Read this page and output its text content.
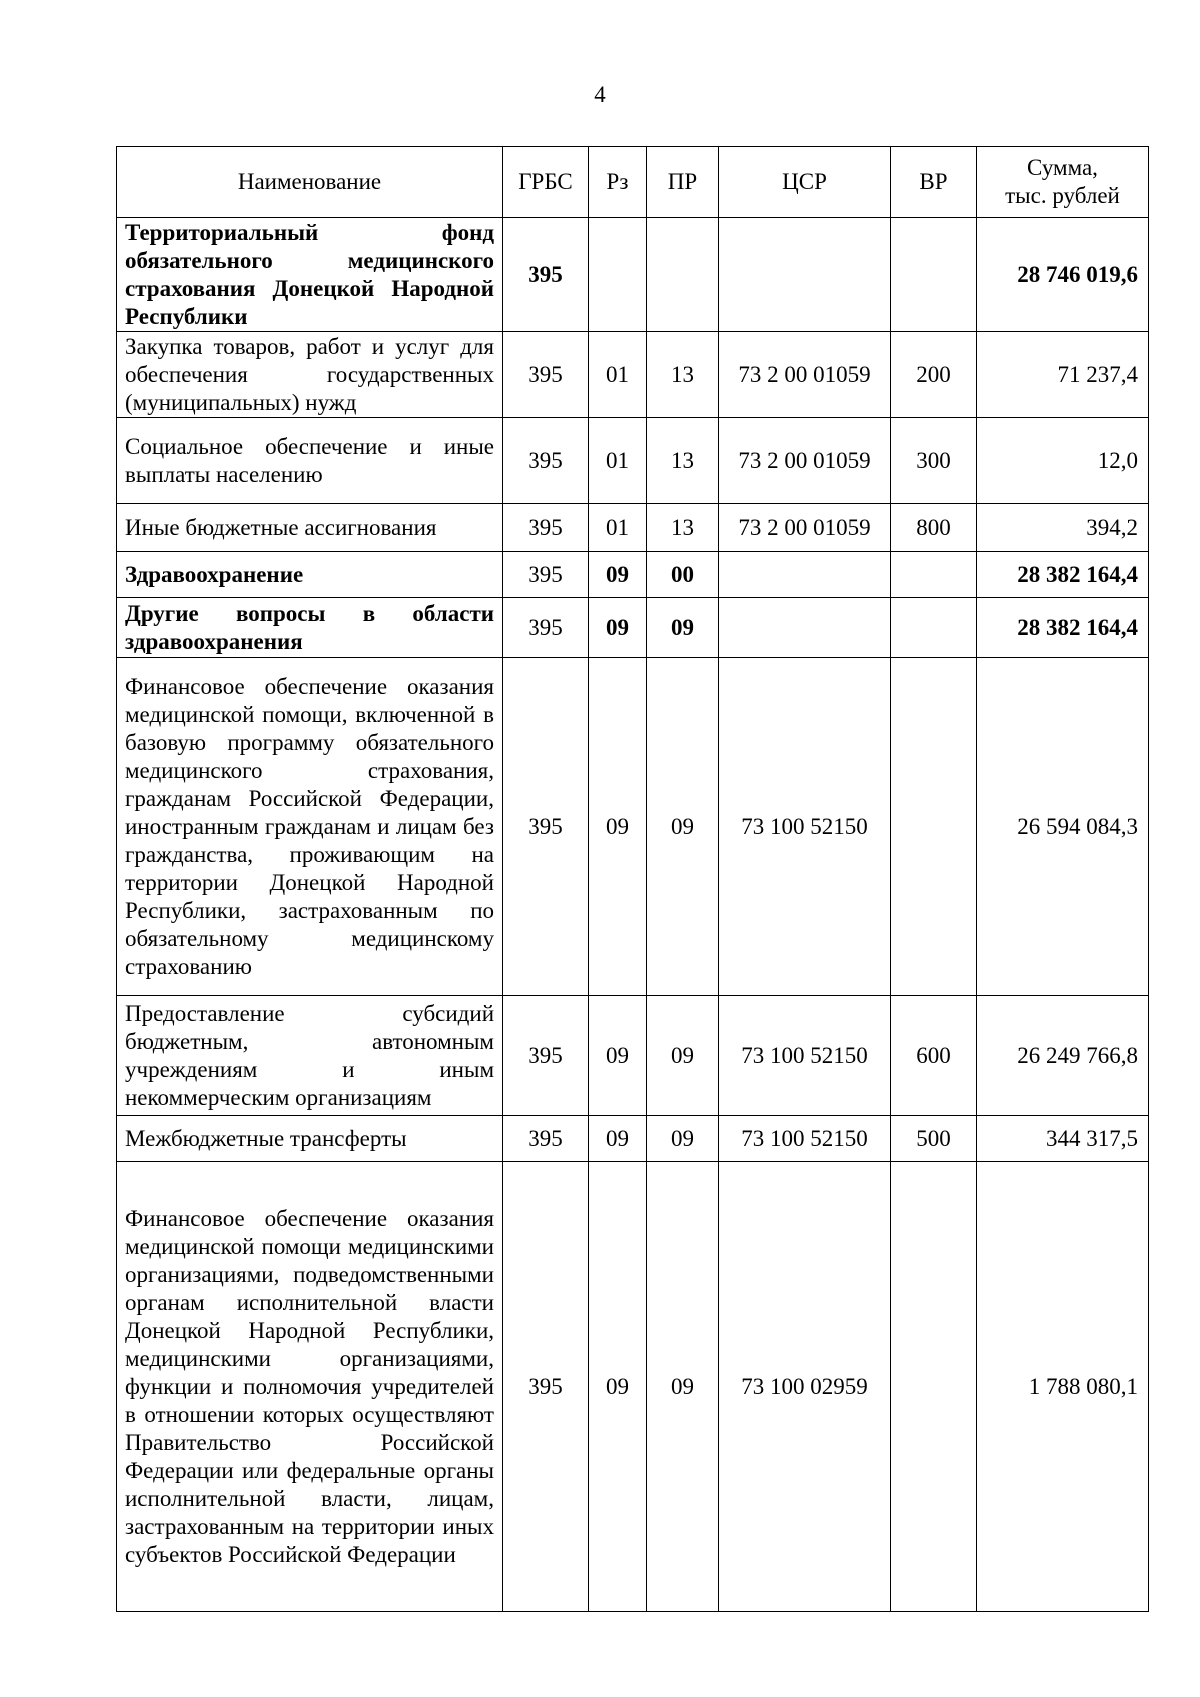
4
Наименование	ГРБС	Рз	ПР	ЦСР	ВР	Сумма,
тыс. рублей
Территориальный фонд обязательного медицинского страхования Донецкой Народной Республики	395					28 746 019,6
Закупка товаров, работ и услуг для обеспечения государственных (муниципальных) нужд	395	01	13	73 2 00 01059	200	71 237,4
Социальное обеспечение и иные выплаты населению	395	01	13	73 2 00 01059	300	12,0
Иные бюджетные ассигнования	395	01	13	73 2 00 01059	800	394,2
Здравоохранение	395	09	00			28 382 164,4
Другие вопросы в области здравоохранения	395	09	09			28 382 164,4
Финансовое обеспечение оказания медицинской помощи, включенной в базовую программу обязательного медицинского страхования, гражданам Российской Федерации, иностранным гражданам и лицам без гражданства, проживающим на территории Донецкой Народной Республики, застрахованным по обязательному медицинскому страхованию	395	09	09	73 100 52150		26 594 084,3
Предоставление субсидий бюджетным, автономным учреждениям и иным некоммерческим организациям	395	09	09	73 100 52150	600	26 249 766,8
Межбюджетные трансферты	395	09	09	73 100 52150	500	344 317,5
Финансовое обеспечение оказания медицинской помощи медицинскими организациями, подведомственными органам исполнительной власти Донецкой Народной Республики, медицинскими организациями, функции и полномочия учредителей в отношении которых осуществляют Правительство Российской Федерации или федеральные органы исполнительной власти, лицам, застрахованным на территории иных субъектов Российской Федерации	395	09	09	73 100 02959		1 788 080,1
